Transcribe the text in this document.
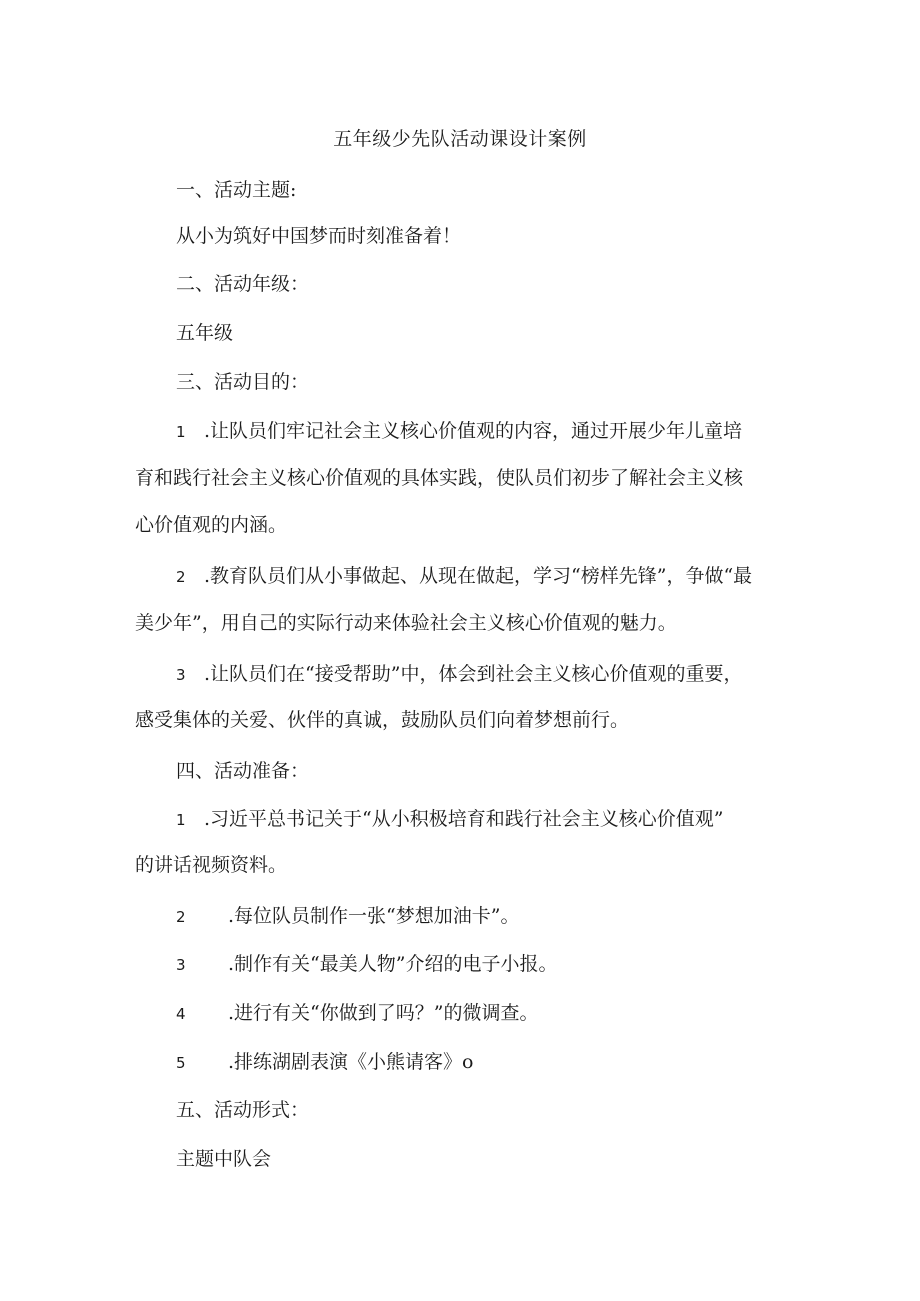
五年级少先队活动课设计案例
一、活动主题:
从小为筑好中国梦而时刻准备着！
二、活动年级：
五年级
三、活动目的：
1 .让队员们牢记社会主义核心价值观的内容，通过开展少年儿童培
育和践行社会主义核心价值观的具体实践，使队员们初步了解社会主义核
心价值观的内涵。
2 .教育队员们从小事做起、从现在做起，学习“榜样先锋”，争做“最
美少年”，用自己的实际行动来体验社会主义核心价值观的魅力。
3 .让队员们在“接受帮助”中，体会到社会主义核心价值观的重要，
感受集体的关爱、伙伴的真诚，鼓励队员们向着梦想前行。
四、活动准备：
1 .习近平总书记关于“从小积极培育和践行社会主义核心价值观”
的讲话视频资料。
2 .每位队员制作一张“梦想加油卡”。
3 .制作有关“最美人物”介绍的电子小报。
4 .进行有关“你做到了吗？”的微调查。
5 .排练湖剧表演《小熊请客》o
五、活动形式：
主题中队会
